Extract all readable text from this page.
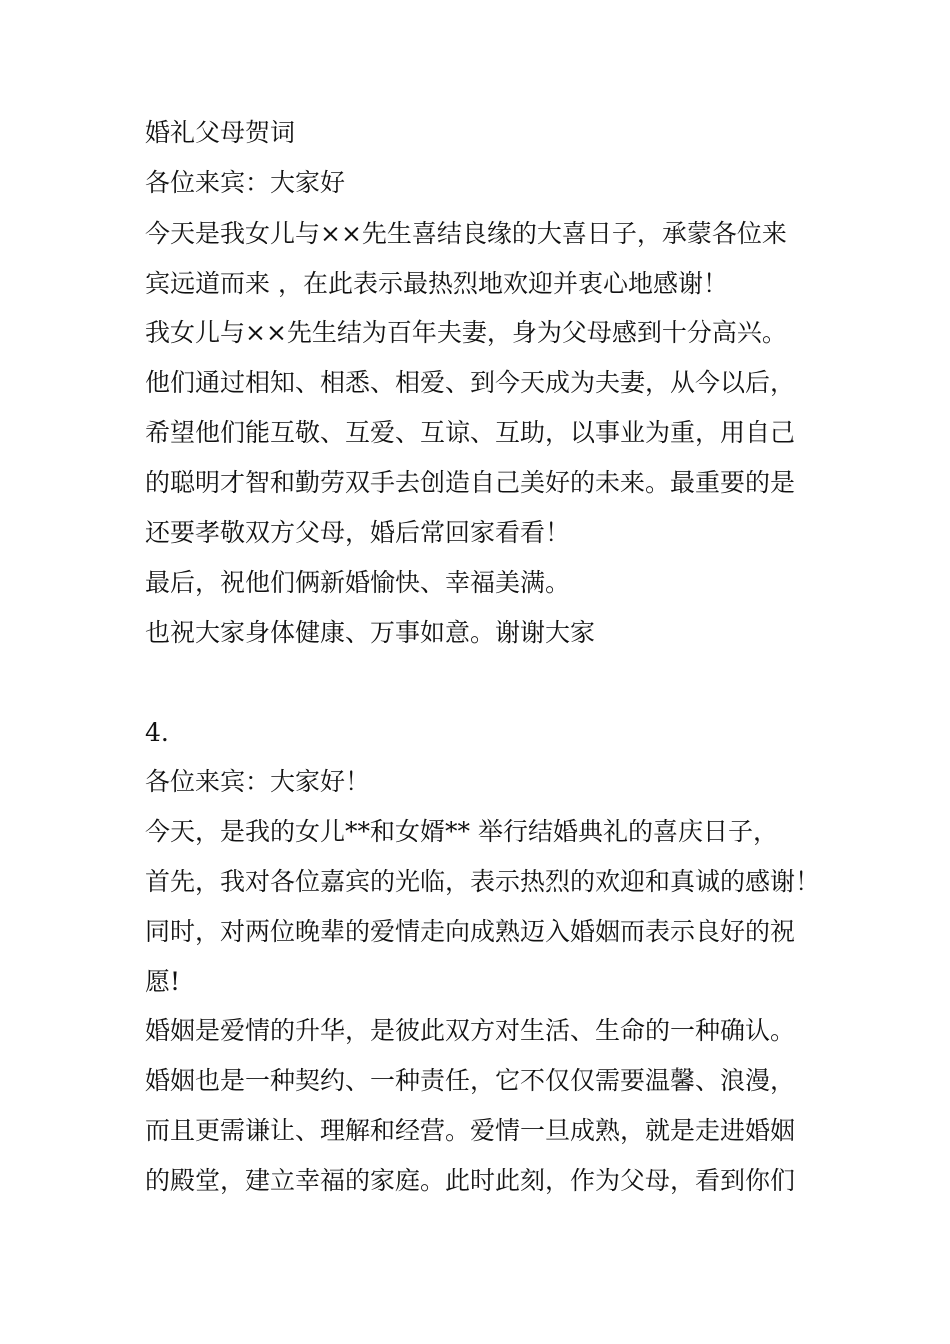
婚礼父母贺词
各位来宾：大家好
今天是我女儿与××先生喜结良缘的大喜日子，承蒙各位来
宾远道而来 ，在此表示最热烈地欢迎并衷心地感谢！
我女儿与××先生结为百年夫妻，身为父母感到十分高兴。
他们通过相知、相悉、相爱、到今天成为夫妻，从今以后，
希望他们能互敬、互爱、互谅、互助，以事业为重，用自己
的聪明才智和勤劳双手去创造自己美好的未来。最重要的是
还要孝敬双方父母，婚后常回家看看！
最后，祝他们俩新婚愉快、幸福美满。
也祝大家身体健康、万事如意。谢谢大家
4.
各位来宾：大家好！
今天，是我的女儿**和女婿** 举行结婚典礼的喜庆日子，
首先，我对各位嘉宾的光临，表示热烈的欢迎和真诚的感谢！
同时，对两位晚辈的爱情走向成熟迈入婚姻而表示良好的祝
愿!
婚姻是爱情的升华，是彼此双方对生活、生命的一种确认。
婚姻也是一种契约、一种责任，它不仅仅需要温馨、浪漫，
而且更需谦让、理解和经营。爱情一旦成熟，就是走进婚姻
的殿堂，建立幸福的家庭。此时此刻，作为父母，看到你们
